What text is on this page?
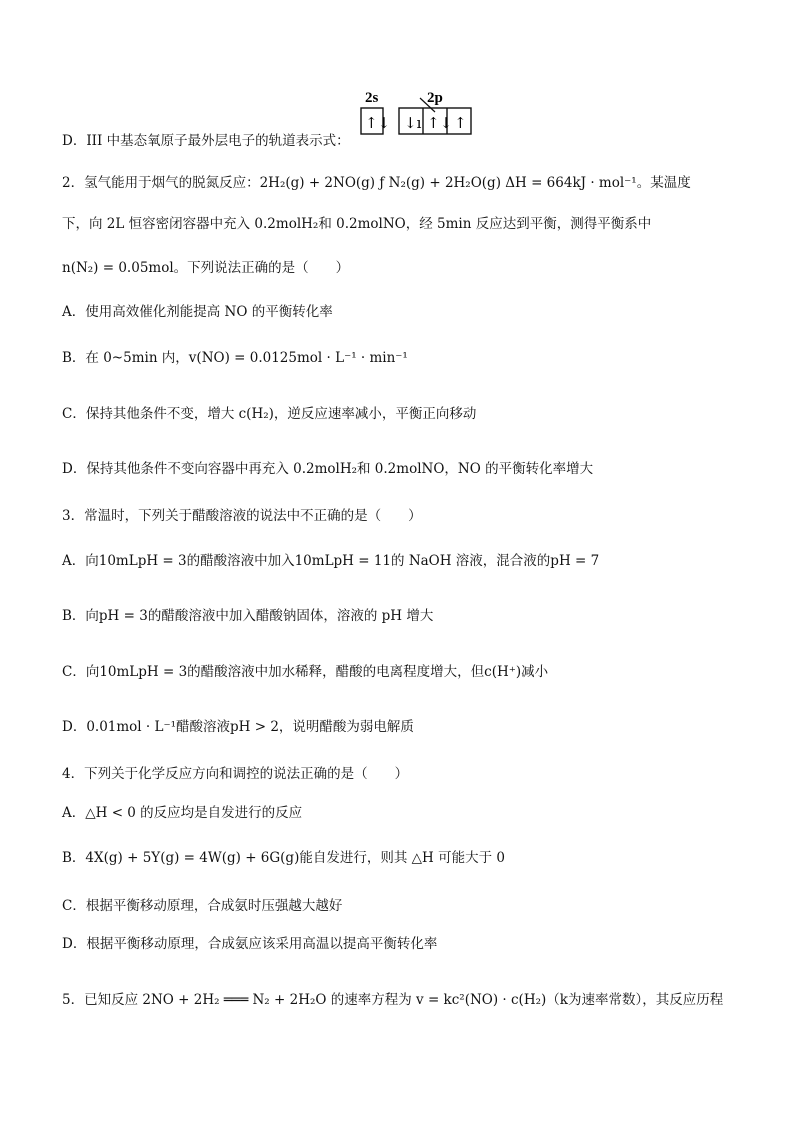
2s	2p
↑↓ ↓ı ↑↓ ↑
D．III 中基态氧原子最外层电子的轨道表示式：
2．氢气能用于烟气的脱氮反应：2H₂(g) + 2NO(g) ƒ N₂(g) + 2H₂O(g) ΔH = 664kJ · mol⁻¹。某温度
下，向 2L 恒容密闭容器中充入 0.2molH₂和 0.2molNO，经 5min 反应达到平衡，测得平衡系中
n(N₂) = 0.05mol。下列说法正确的是（　　）
A．使用高效催化剂能提高 NO 的平衡转化率
B．在 0~5min 内，v(NO) = 0.0125mol · L⁻¹ · min⁻¹
C．保持其他条件不变，增大 c(H₂)，逆反应速率减小，平衡正向移动
D．保持其他条件不变向容器中再充入 0.2molH₂和 0.2molNO，NO 的平衡转化率增大
3．常温时，下列关于醋酸溶液的说法中不正确的是（　　）
A．向10mLpH = 3的醋酸溶液中加入10mLpH = 11的 NaOH 溶液，混合液的pH = 7
B．向pH = 3的醋酸溶液中加入醋酸钠固体，溶液的 pH 增大
C．向10mLpH = 3的醋酸溶液中加水稀释，醋酸的电离程度增大，但c(H⁺)减小
D．0.01mol · L⁻¹醋酸溶液pH > 2，说明醋酸为弱电解质
4．下列关于化学反应方向和调控的说法正确的是（　　）
A．△H < 0 的反应均是自发进行的反应
B．4X(g) + 5Y(g) = 4W(g) + 6G(g)能自发进行，则其 △H 可能大于 0
C．根据平衡移动原理，合成氨时压强越大越好
D．根据平衡移动原理，合成氨应该采用高温以提高平衡转化率
5．已知反应 2NO + 2H₂ ═══ N₂ + 2H₂O 的速率方程为 v = kc²(NO) · c(H₂)（k为速率常数），其反应历程
